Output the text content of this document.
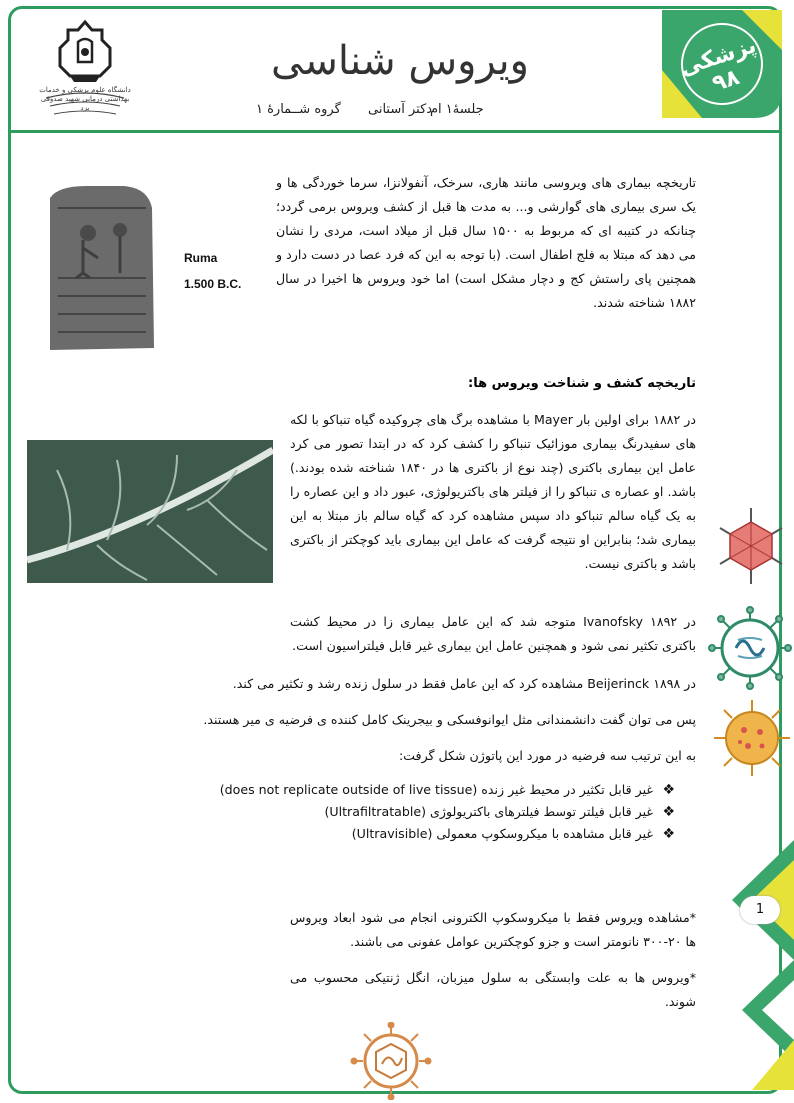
دانشگاه علوم پزشکی و خدمات بهداشتی درمانی شهید صدوقی یزد
ویروس شناسی
جلسهٔ۱ ام
دکتر آستانی
گروه شــمارهٔ ۱
پزشکی ۹۸
Ruma
1.500 B.C.
تاریخچه بیماری های ویروسی مانند هاری، سرخک، آنفولانزا، سرما خوردگی ها و یک سری بیماری های گوارشی و... به مدت ها قبل از کشف ویروس برمی گردد؛ چنانکه در کتیبه ای که مربوط به ۱۵۰۰ سال قبل از میلاد است، مردی را نشان می دهد که مبتلا به فلج اطفال است. (با توجه به این که فرد عصا در دست دارد و همچنین پای راستش کج و دچار مشکل است) اما خود ویروس ها اخیرا در سال ۱۸۸۲ شناخته شدند.
تاریخچه کشف و شناخت ویروس ها:
در ۱۸۸۲ برای اولین بار Mayer با مشاهده برگ های چروکیده گیاه تنباکو با لکه های سفیدرنگ بیماری موزائیک تنباکو را کشف کرد که در ابتدا تصور می کرد عامل این بیماری باکتری (چند نوع از باکتری ها در ۱۸۴۰ شناخته شده بودند.) باشد. او عصاره ی تنباکو را از فیلتر های باکتریولوژی، عبور داد و این عصاره را به یک گیاه سالم تنباکو داد سپس مشاهده کرد که گیاه سالم باز مبتلا به این بیماری شد؛ بنابراین او نتیجه گرفت که عامل این بیماری باید کوچکتر از باکتری باشد و باکتری نیست.
در ۱۸۹۲ Ivanofsky متوجه شد که این عامل بیماری زا در محیط کشت باکتری تکثیر نمی شود و همچنین عامل این بیماری غیر قابل فیلتراسیون است.
در ۱۸۹۸ Beijerinck مشاهده کرد که این عامل فقط در سلول زنده رشد و تکثیر می کند.
پس می توان گفت دانشمندانی مثل ایوانوفسکی و بیجرینک کامل کننده ی فرضیه ی میر هستند.
به این ترتیب سه فرضیه در مورد این پاتوژن شکل گرفت:
❖
غیر قابل تکثیر در محیط غیر زنده (does not replicate outside of live tissue)
❖
غیر قابل فیلتر توسط فیلترهای باکتریولوژی (Ultrafiltratable)
❖
غیر قابل مشاهده با میکروسکوپ معمولی (Ultravisible)
*مشاهده ویروس فقط با میکروسکوپ الکترونی انجام می شود ابعاد ویروس ها ۲۰-۳۰۰ نانومتر است و جزو کوچکترین عوامل عفونی می باشند.
*ویروس ها به علت وابستگی به سلول میزبان، انگل ژنتیکی محسوب می شوند.
1
